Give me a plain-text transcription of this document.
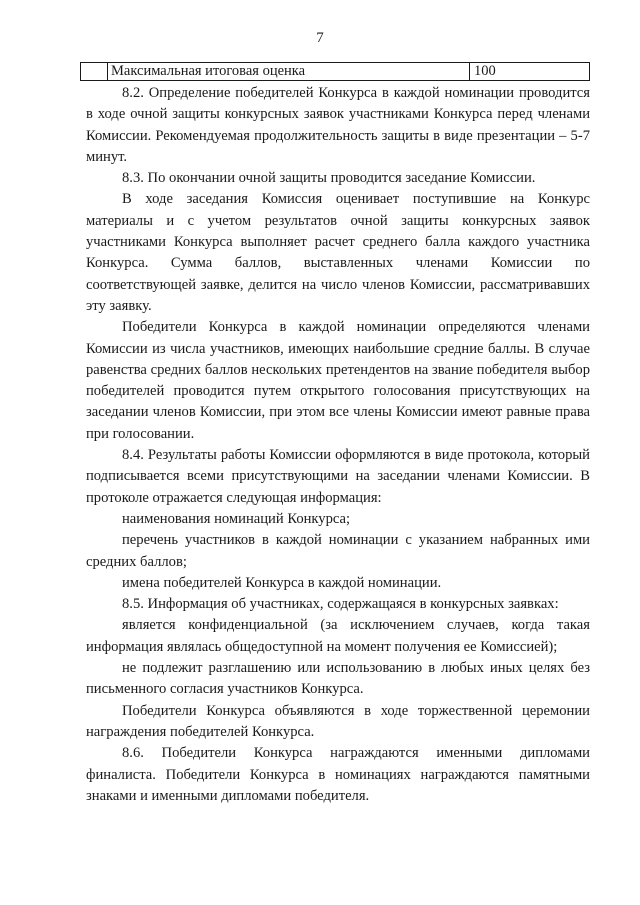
7
Максимальная итоговая оценка	100

8.2. Определение победителей Конкурса в каждой номинации проводится в ходе очной защиты конкурсных заявок участниками Конкурса перед членами Комиссии. Рекомендуемая продолжительность защиты в виде презентации – 5-7 минут.

8.3. По окончании очной защиты проводится заседание Комиссии.

В ходе заседания Комиссия оценивает поступившие на Конкурс материалы и с учетом результатов очной защиты конкурсных заявок участниками Конкурса выполняет расчет среднего балла каждого участника Конкурса. Сумма баллов, выставленных членами Комиссии по соответствующей заявке, делится на число членов Комиссии, рассматривавших эту заявку.

Победители Конкурса в каждой номинации определяются членами Комиссии из числа участников, имеющих наибольшие средние баллы. В случае равенства средних баллов нескольких претендентов на звание победителя выбор победителей проводится путем открытого голосования присутствующих на заседании членов Комиссии, при этом все члены Комиссии имеют равные права при голосовании.

8.4. Результаты работы Комиссии оформляются в виде протокола, который подписывается всеми присутствующими на заседании членами Комиссии. В протоколе отражается следующая информация:

наименования номинаций Конкурса;

перечень участников в каждой номинации с указанием набранных ими средних баллов;

имена победителей Конкурса в каждой номинации.

8.5. Информация об участниках, содержащаяся в конкурсных заявках:

является конфиденциальной (за исключением случаев, когда такая информация являлась общедоступной на момент получения ее Комиссией);

не подлежит разглашению или использованию в любых иных целях без письменного согласия участников Конкурса.

Победители Конкурса объявляются в ходе торжественной церемонии награждения победителей Конкурса.

8.6. Победители Конкурса награждаются именными дипломами финалиста. Победители Конкурса в номинациях награждаются памятными знаками и именными дипломами победителя.
